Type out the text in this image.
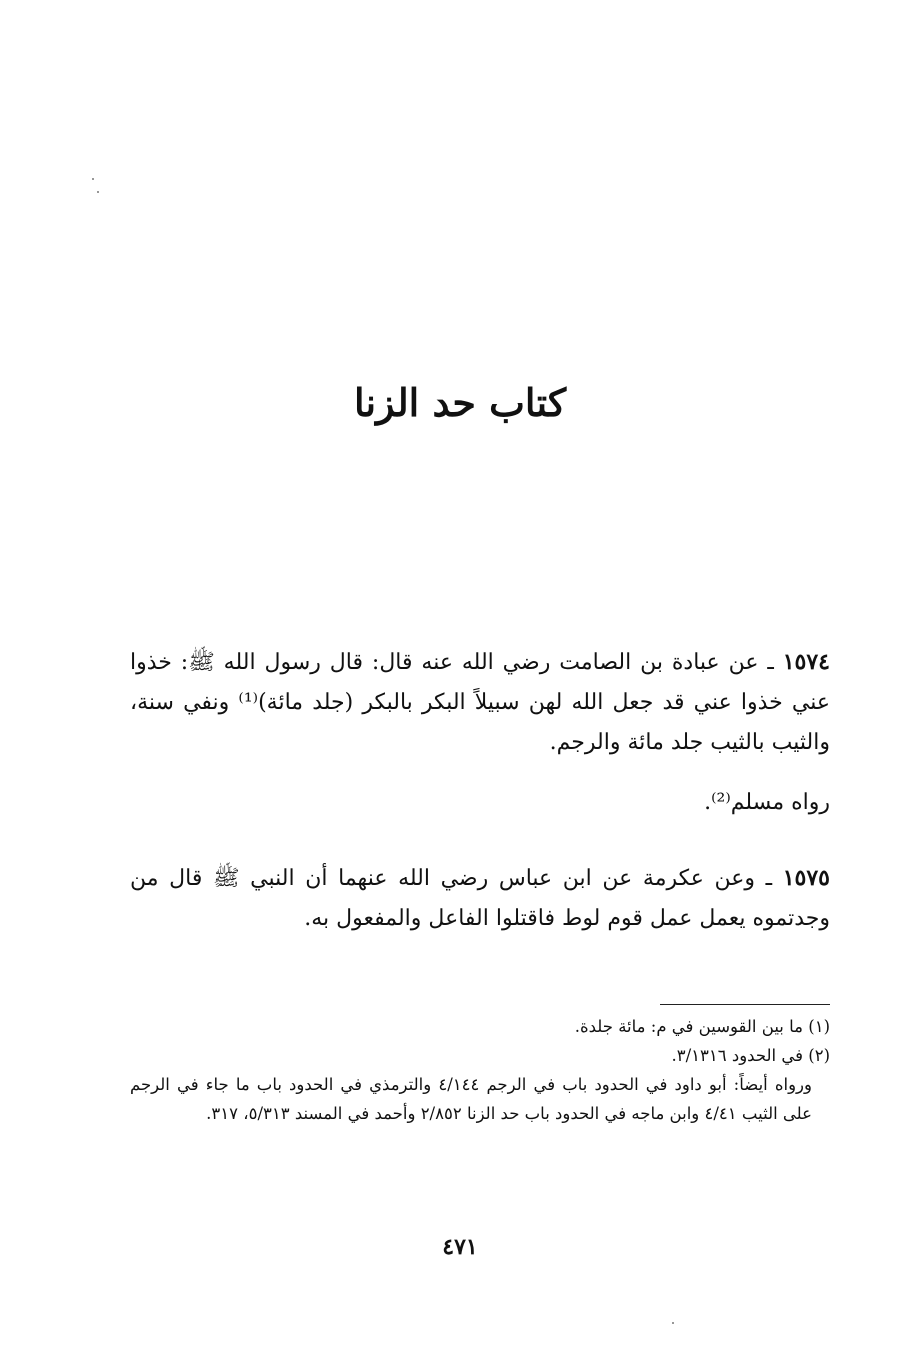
كتاب حد الزنا
١٥٧٤ ـ عن عبادة بن الصامت رضي الله عنه قال: قال رسول الله ﷺ: خذوا عني خذوا عني قد جعل الله لهن سبيلاً البكر بالبكر (جلد مائة)⁽¹⁾ ونفي سنة، والثيب بالثيب جلد مائة والرجم.
رواه مسلم⁽²⁾.
١٥٧٥ ـ وعن عكرمة عن ابن عباس رضي الله عنهما أن النبي ﷺ قال من وجدتموه يعمل عمل قوم لوط فاقتلوا الفاعل والمفعول به.

(١) ما بين القوسين في م: مائة جلدة.

(٢) في الحدود ٣/١٣١٦.

ورواه أيضاً: أبو داود في الحدود باب في الرجم ٤/١٤٤ والترمذي في الحدود باب ما جاء في الرجم على الثيب ٤/٤١ وابن ماجه في الحدود باب حد الزنا ٢/٨٥٢ وأحمد في المسند ٥/٣١٣، ٣١٧.

٤٧١
